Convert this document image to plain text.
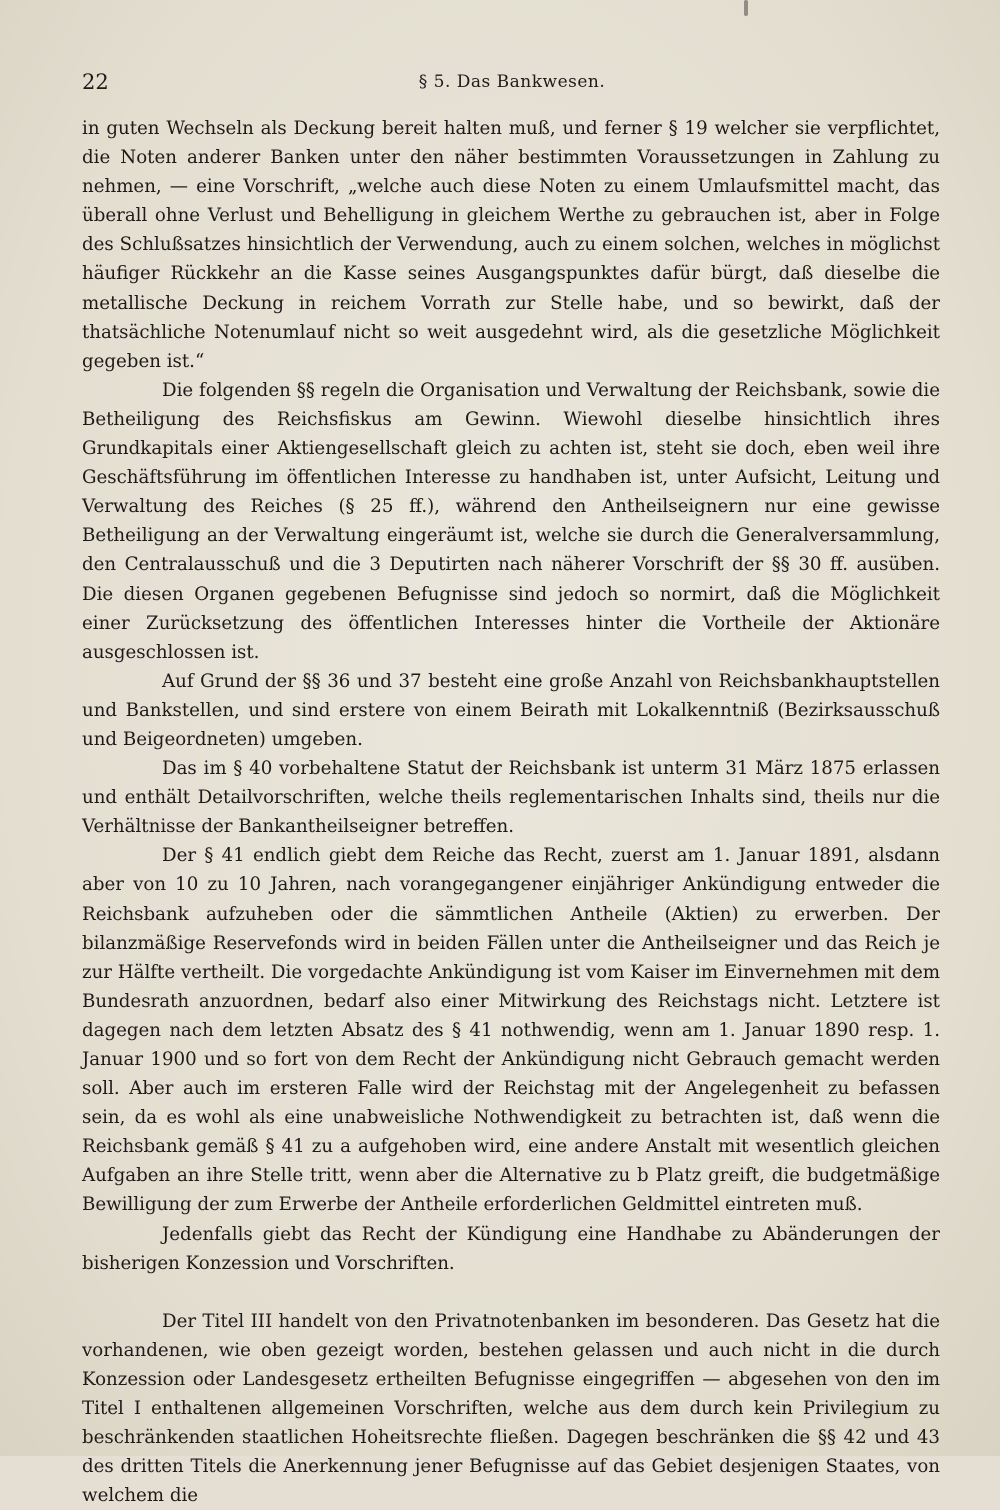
22	§ 5. Das Bankwesen.

in guten Wechseln als Deckung bereit halten muß, und ferner § 19 welcher sie verpflichtet, die Noten anderer Banken unter den näher bestimmten Voraussetzungen in Zahlung zu nehmen, — eine Vorschrift, „welche auch diese Noten zu einem Umlaufsmittel macht, das überall ohne Verlust und Behelligung in gleichem Werthe zu gebrauchen ist, aber in Folge des Schlußsatzes hinsichtlich der Verwendung, auch zu einem solchen, welches in möglichst häufiger Rückkehr an die Kasse seines Ausgangspunktes dafür bürgt, daß dieselbe die metallische Deckung in reichem Vorrath zur Stelle habe, und so bewirkt, daß der thatsächliche Notenumlauf nicht so weit ausgedehnt wird, als die gesetzliche Möglichkeit gegeben ist.“

Die folgenden §§ regeln die Organisation und Verwaltung der Reichsbank, sowie die Betheiligung des Reichsfiskus am Gewinn. Wiewohl dieselbe hinsichtlich ihres Grundkapitals einer Aktiengesellschaft gleich zu achten ist, steht sie doch, eben weil ihre Geschäftsführung im öffentlichen Interesse zu handhaben ist, unter Aufsicht, Leitung und Verwaltung des Reiches (§ 25 ff.), während den Antheilseignern nur eine gewisse Betheiligung an der Verwaltung eingeräumt ist, welche sie durch die Generalversammlung, den Centralausschuß und die 3 Deputirten nach näherer Vorschrift der §§ 30 ff. ausüben. Die diesen Organen gegebenen Befugnisse sind jedoch so normirt, daß die Möglichkeit einer Zurücksetzung des öffentlichen Interesses hinter die Vortheile der Aktionäre ausgeschlossen ist.

Auf Grund der §§ 36 und 37 besteht eine große Anzahl von Reichsbankhauptstellen und Bankstellen, und sind erstere von einem Beirath mit Lokalkenntniß (Bezirksausschuß und Beigeordneten) umgeben.

Das im § 40 vorbehaltene Statut der Reichsbank ist unterm 31 März 1875 erlassen und enthält Detailvorschriften, welche theils reglementarischen Inhalts sind, theils nur die Verhältnisse der Bankantheilseigner betreffen.

Der § 41 endlich giebt dem Reiche das Recht, zuerst am 1. Januar 1891, alsdann aber von 10 zu 10 Jahren, nach vorangegangener einjähriger Ankündigung entweder die Reichsbank aufzuheben oder die sämmtlichen Antheile (Aktien) zu erwerben. Der bilanzmäßige Reservefonds wird in beiden Fällen unter die Antheilseigner und das Reich je zur Hälfte vertheilt. Die vorgedachte Ankündigung ist vom Kaiser im Einvernehmen mit dem Bundesrath anzuordnen, bedarf also einer Mitwirkung des Reichstags nicht. Letztere ist dagegen nach dem letzten Absatz des § 41 nothwendig, wenn am 1. Januar 1890 resp. 1. Januar 1900 und so fort von dem Recht der Ankündigung nicht Gebrauch gemacht werden soll. Aber auch im ersteren Falle wird der Reichstag mit der Angelegenheit zu befassen sein, da es wohl als eine unabweisliche Nothwendigkeit zu betrachten ist, daß wenn die Reichsbank gemäß § 41 zu a aufgehoben wird, eine andere Anstalt mit wesentlich gleichen Aufgaben an ihre Stelle tritt, wenn aber die Alternative zu b Platz greift, die budgetmäßige Bewilligung der zum Erwerbe der Antheile erforderlichen Geldmittel eintreten muß.

Jedenfalls giebt das Recht der Kündigung eine Handhabe zu Abänderungen der bisherigen Konzession und Vorschriften.

Der Titel III handelt von den Privatnotenbanken im besonderen. Das Gesetz hat die vorhandenen, wie oben gezeigt worden, bestehen gelassen und auch nicht in die durch Konzession oder Landesgesetz ertheilten Befugnisse eingegriffen — abgesehen von den im Titel I enthaltenen allgemeinen Vorschriften, welche aus dem durch kein Privilegium zu beschränkenden staatlichen Hoheitsrechte fließen. Dagegen beschränken die §§ 42 und 43 des dritten Titels die Anerkennung jener Befugnisse auf das Gebiet desjenigen Staates, von welchem die
